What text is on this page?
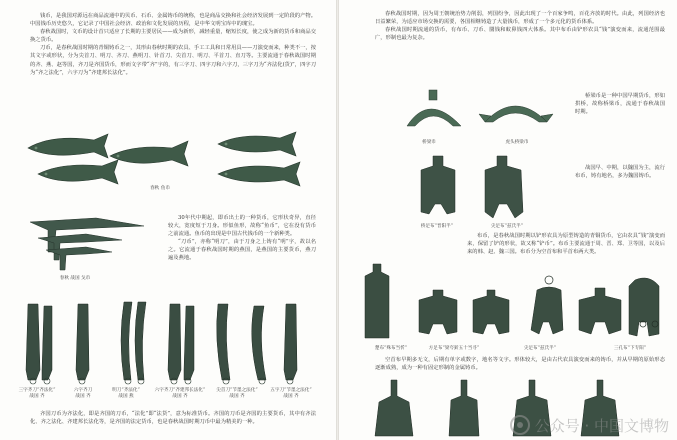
钱币，是我国对源远在商品流通中的贝币、石币、金属铸币的统称，也是商品交换和社会经济发展到一定阶段的产物。中国钱币历史悠久，它记录了中国社会经济、政治和文化发展的历程，是中华文明宝库中的瑰宝。

春秋战国时，文币的设计首只适应了长期的主要居民——成为新形，减轻重量，缩短长度，使之成为新的货币和商品交换之货币。

刀币，是春秋战国时期的青铜铸币之一，其形由春秋时期的农具、手工工具和日常用具——刀演变而来，种类不一，按其文字或形状，分为尖首刀、明刀、齐刀、燕明刀、针首刀、尖首刀、明刀、平首刀、直刀等。主要流通于春秋战国时期的齐、燕、赵等国，齐刀是齐国货币，形而文字带“齐”字的，有三字刀、四字刀和六字刀，三字刀为“齐法化(货)”，四字刀为“齐之法化”，六字刀为“齐建邦长法化”。

春秋 鱼币
春秋 战国 戈币

30年代中期起，即币出土的一种货币，它形状奇异，直径较大，宽度短于刀身。形似鱼形，故称“鱼币”，它在没有货币之前流通。鱼币的出现是中国古代钱币的一个新种类。

“刀币”，亦称“明刀”，由于刀身之上铸有“明”字，故以名之。它流通于春秋战国时期的燕国，是燕国的主要货币，燕刀遍及燕地。

三字齐刀“齐法化”
战国 齐
六字齐刀
战国 齐
明刀“齐法化”
战国 燕
六字齐刀“齐建邦长法化”
战国 齐
尖首刀“节墨之法化”
战国 齐
五字刀“节墨之法化”
战国 齐

齐国刀币为齐法化，即是齐国的刀币，“法化”即“法货”，意为标准货币。齐国的刀币是齐国的主要货币，其中有齐法化、齐之法化、齐建邦长法化等，是齐国的法定货币，也是春秋战国时期刀币中最为精美的一种。

春秋战国时期，因为周王朝统治势力削弱，列国纷争，因此出现了一个百家争鸣，百花齐放的时代。由此，列国经济也日益繁荣，为适应市场交换的需要，各国相继铸造了大量钱币，形成了一个多元化的货币体系。

春秋战国时期流通的货币，有布币、刀币、圜钱和蚁鼻钱四大体系。其中布币由铲形农具“钱”演变而来，流通范围最广，形制也最为复杂。

桥梁币	虎头桥梁币

桥梁币是一种中国早期货币，形如拱桥，故称桥梁币，流通于春秋战国时期。

桥足布“晋阳半”	尖足布“兹氏半”

战国早、中期，以魏国为主，流行布币，铸有地名，多为魏国铸币。

布币，是春秋战国时期以铲形农具为原型铸造的青铜货币，它由农具“钱”演变而来，保留了铲的形状，故又称“铲币”。布币主要流通于周、晋、郑、卫等国，以及后来的韩、赵、魏三国。布币分为空首布和平首布两大类。

楚布“殊布当忻”	方足布“梁夸釿五十当寽”	尖足布“兹氏半”	三孔布“下专阳”

空首布早期多无文，后期有单字或数字，地名等文字。形体较大，是由古代农具演变而来的铸币，并从早期的原始形态逐渐成熟，成为一种有固定形制的金属铸币。

公众号 · 中国文博物
